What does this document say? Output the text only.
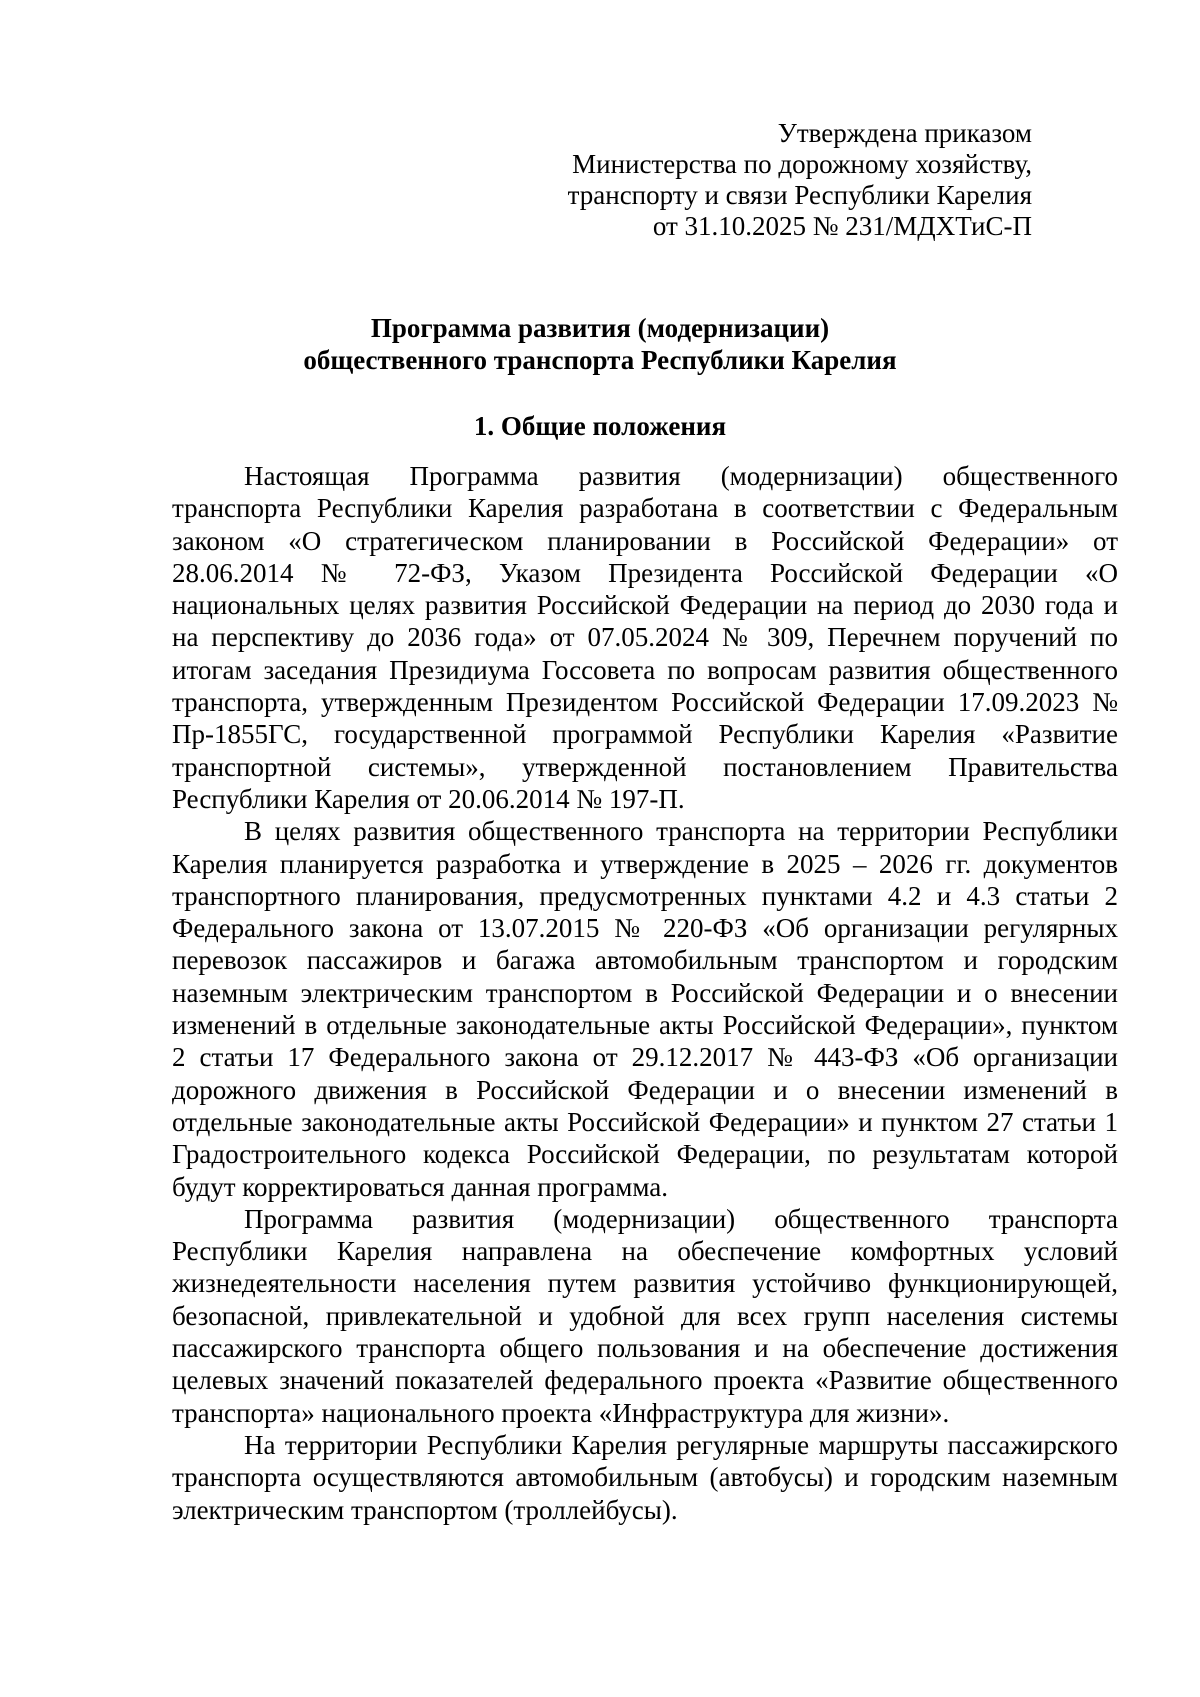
Утверждена приказом
Министерства по дорожному хозяйству,
транспорту и связи Республики Карелия
от 31.10.2025 № 231/МДХТиС-П
Программа развития (модернизации)
общественного транспорта Республики Карелия
1. Общие положения

Настоящая Программа развития (модернизации) общественного транспорта Республики Карелия разработана в соответствии с Федеральным законом «О стратегическом планировании в Российской Федерации» от 28.06.2014 № 72-ФЗ, Указом Президента Российской Федерации «О национальных целях развития Российской Федерации на период до 2030 года и на перспективу до 2036 года» от 07.05.2024 № 309, Перечнем поручений по итогам заседания Президиума Госсовета по вопросам развития общественного транспорта, утвержденным Президентом Российской Федерации 17.09.2023 № Пр-1855ГС, государственной программой Республики Карелия «Развитие транспортной системы», утвержденной постановлением Правительства Республики Карелия от 20.06.2014 № 197-П.

В целях развития общественного транспорта на территории Республики Карелия планируется разработка и утверждение в 2025 – 2026 гг. документов транспортного планирования, предусмотренных пунктами 4.2 и 4.3 статьи 2 Федерального закона от 13.07.2015 № 220-ФЗ «Об организации регулярных перевозок пассажиров и багажа автомобильным транспортом и городским наземным электрическим транспортом в Российской Федерации и о внесении изменений в отдельные законодательные акты Российской Федерации», пунктом 2 статьи 17 Федерального закона от 29.12.2017 № 443-ФЗ «Об организации дорожного движения в Российской Федерации и о внесении изменений в отдельные законодательные акты Российской Федерации» и пунктом 27 статьи 1 Градостроительного кодекса Российской Федерации, по результатам которой будут корректироваться данная программа.

Программа развития (модернизации) общественного транспорта Республики Карелия направлена на обеспечение комфортных условий жизнедеятельности населения путем развития устойчиво функционирующей, безопасной, привлекательной и удобной для всех групп населения системы пассажирского транспорта общего пользования и на обеспечение достижения целевых значений показателей федерального проекта «Развитие общественного транспорта» национального проекта «Инфраструктура для жизни».

На территории Республики Карелия регулярные маршруты пассажирского транспорта осуществляются автомобильным (автобусы) и городским наземным электрическим транспортом (троллейбусы).
